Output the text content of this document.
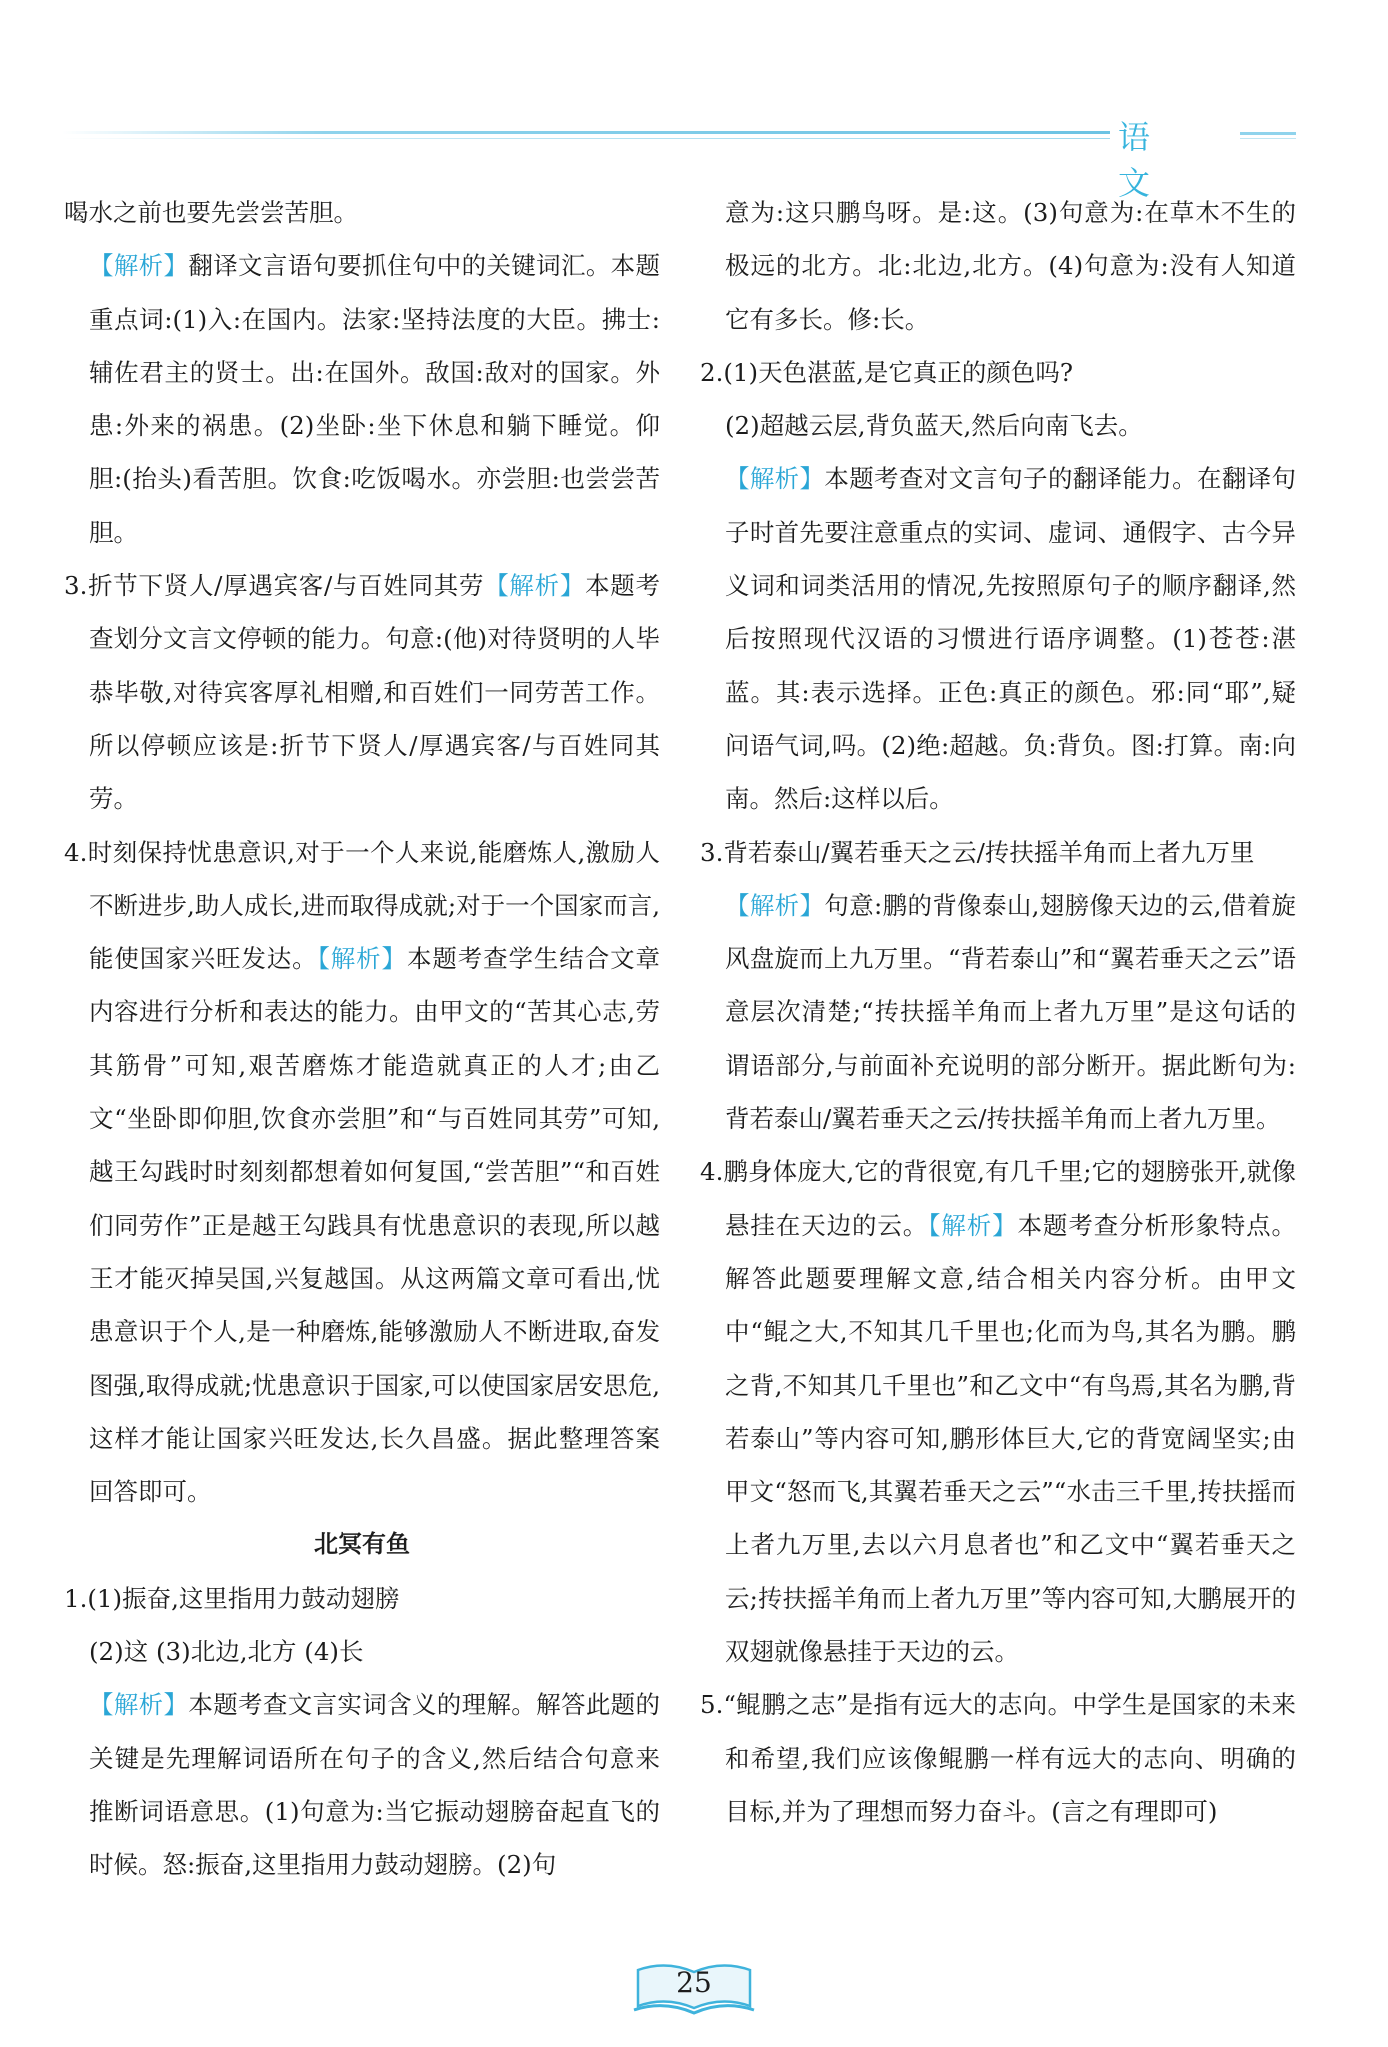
语 文

喝水之前也要先尝尝苦胆。

【解析】翻译文言语句要抓住句中的关键词汇。本题重点词:(1)入:在国内。法家:坚持法度的大臣。拂士:辅佐君主的贤士。出:在国外。敌国:敌对的国家。外患:外来的祸患。(2)坐卧:坐下休息和躺下睡觉。仰胆:(抬头)看苦胆。饮食:吃饭喝水。亦尝胆:也尝尝苦胆。

3.折节下贤人/厚遇宾客/与百姓同其劳【解析】本题考查划分文言文停顿的能力。句意:(他)对待贤明的人毕恭毕敬,对待宾客厚礼相赠,和百姓们一同劳苦工作。所以停顿应该是:折节下贤人/厚遇宾客/与百姓同其劳。

4.时刻保持忧患意识,对于一个人来说,能磨炼人,激励人不断进步,助人成长,进而取得成就;对于一个国家而言,能使国家兴旺发达。【解析】本题考查学生结合文章内容进行分析和表达的能力。由甲文的“苦其心志,劳其筋骨”可知,艰苦磨炼才能造就真正的人才;由乙文“坐卧即仰胆,饮食亦尝胆”和“与百姓同其劳”可知,越王勾践时时刻刻都想着如何复国,“尝苦胆”“和百姓们同劳作”正是越王勾践具有忧患意识的表现,所以越王才能灭掉吴国,兴复越国。从这两篇文章可看出,忧患意识于个人,是一种磨炼,能够激励人不断进取,奋发图强,取得成就;忧患意识于国家,可以使国家居安思危,这样才能让国家兴旺发达,长久昌盛。据此整理答案回答即可。

北冥有鱼

1.(1)振奋,这里指用力鼓动翅膀

(2)这 (3)北边,北方 (4)长

【解析】本题考查文言实词含义的理解。解答此题的关键是先理解词语所在句子的含义,然后结合句意来推断词语意思。(1)句意为:当它振动翅膀奋起直飞的时候。怒:振奋,这里指用力鼓动翅膀。(2)句

意为:这只鹏鸟呀。是:这。(3)句意为:在草木不生的极远的北方。北:北边,北方。(4)句意为:没有人知道它有多长。修:长。

2.(1)天色湛蓝,是它真正的颜色吗?

(2)超越云层,背负蓝天,然后向南飞去。

【解析】本题考查对文言句子的翻译能力。在翻译句子时首先要注意重点的实词、虚词、通假字、古今异义词和词类活用的情况,先按照原句子的顺序翻译,然后按照现代汉语的习惯进行语序调整。(1)苍苍:湛蓝。其:表示选择。正色:真正的颜色。邪:同“耶”,疑问语气词,吗。(2)绝:超越。负:背负。图:打算。南:向南。然后:这样以后。

3.背若泰山/翼若垂天之云/抟扶摇羊角而上者九万里

【解析】句意:鹏的背像泰山,翅膀像天边的云,借着旋风盘旋而上九万里。“背若泰山”和“翼若垂天之云”语意层次清楚;“抟扶摇羊角而上者九万里”是这句话的谓语部分,与前面补充说明的部分断开。据此断句为:背若泰山/翼若垂天之云/抟扶摇羊角而上者九万里。

4.鹏身体庞大,它的背很宽,有几千里;它的翅膀张开,就像悬挂在天边的云。【解析】本题考查分析形象特点。解答此题要理解文意,结合相关内容分析。由甲文中“鲲之大,不知其几千里也;化而为鸟,其名为鹏。鹏之背,不知其几千里也”和乙文中“有鸟焉,其名为鹏,背若泰山”等内容可知,鹏形体巨大,它的背宽阔坚实;由甲文“怒而飞,其翼若垂天之云”“水击三千里,抟扶摇而上者九万里,去以六月息者也”和乙文中“翼若垂天之云;抟扶摇羊角而上者九万里”等内容可知,大鹏展开的双翅就像悬挂于天边的云。

5.“鲲鹏之志”是指有远大的志向。中学生是国家的未来和希望,我们应该像鲲鹏一样有远大的志向、明确的目标,并为了理想而努力奋斗。(言之有理即可)

25
